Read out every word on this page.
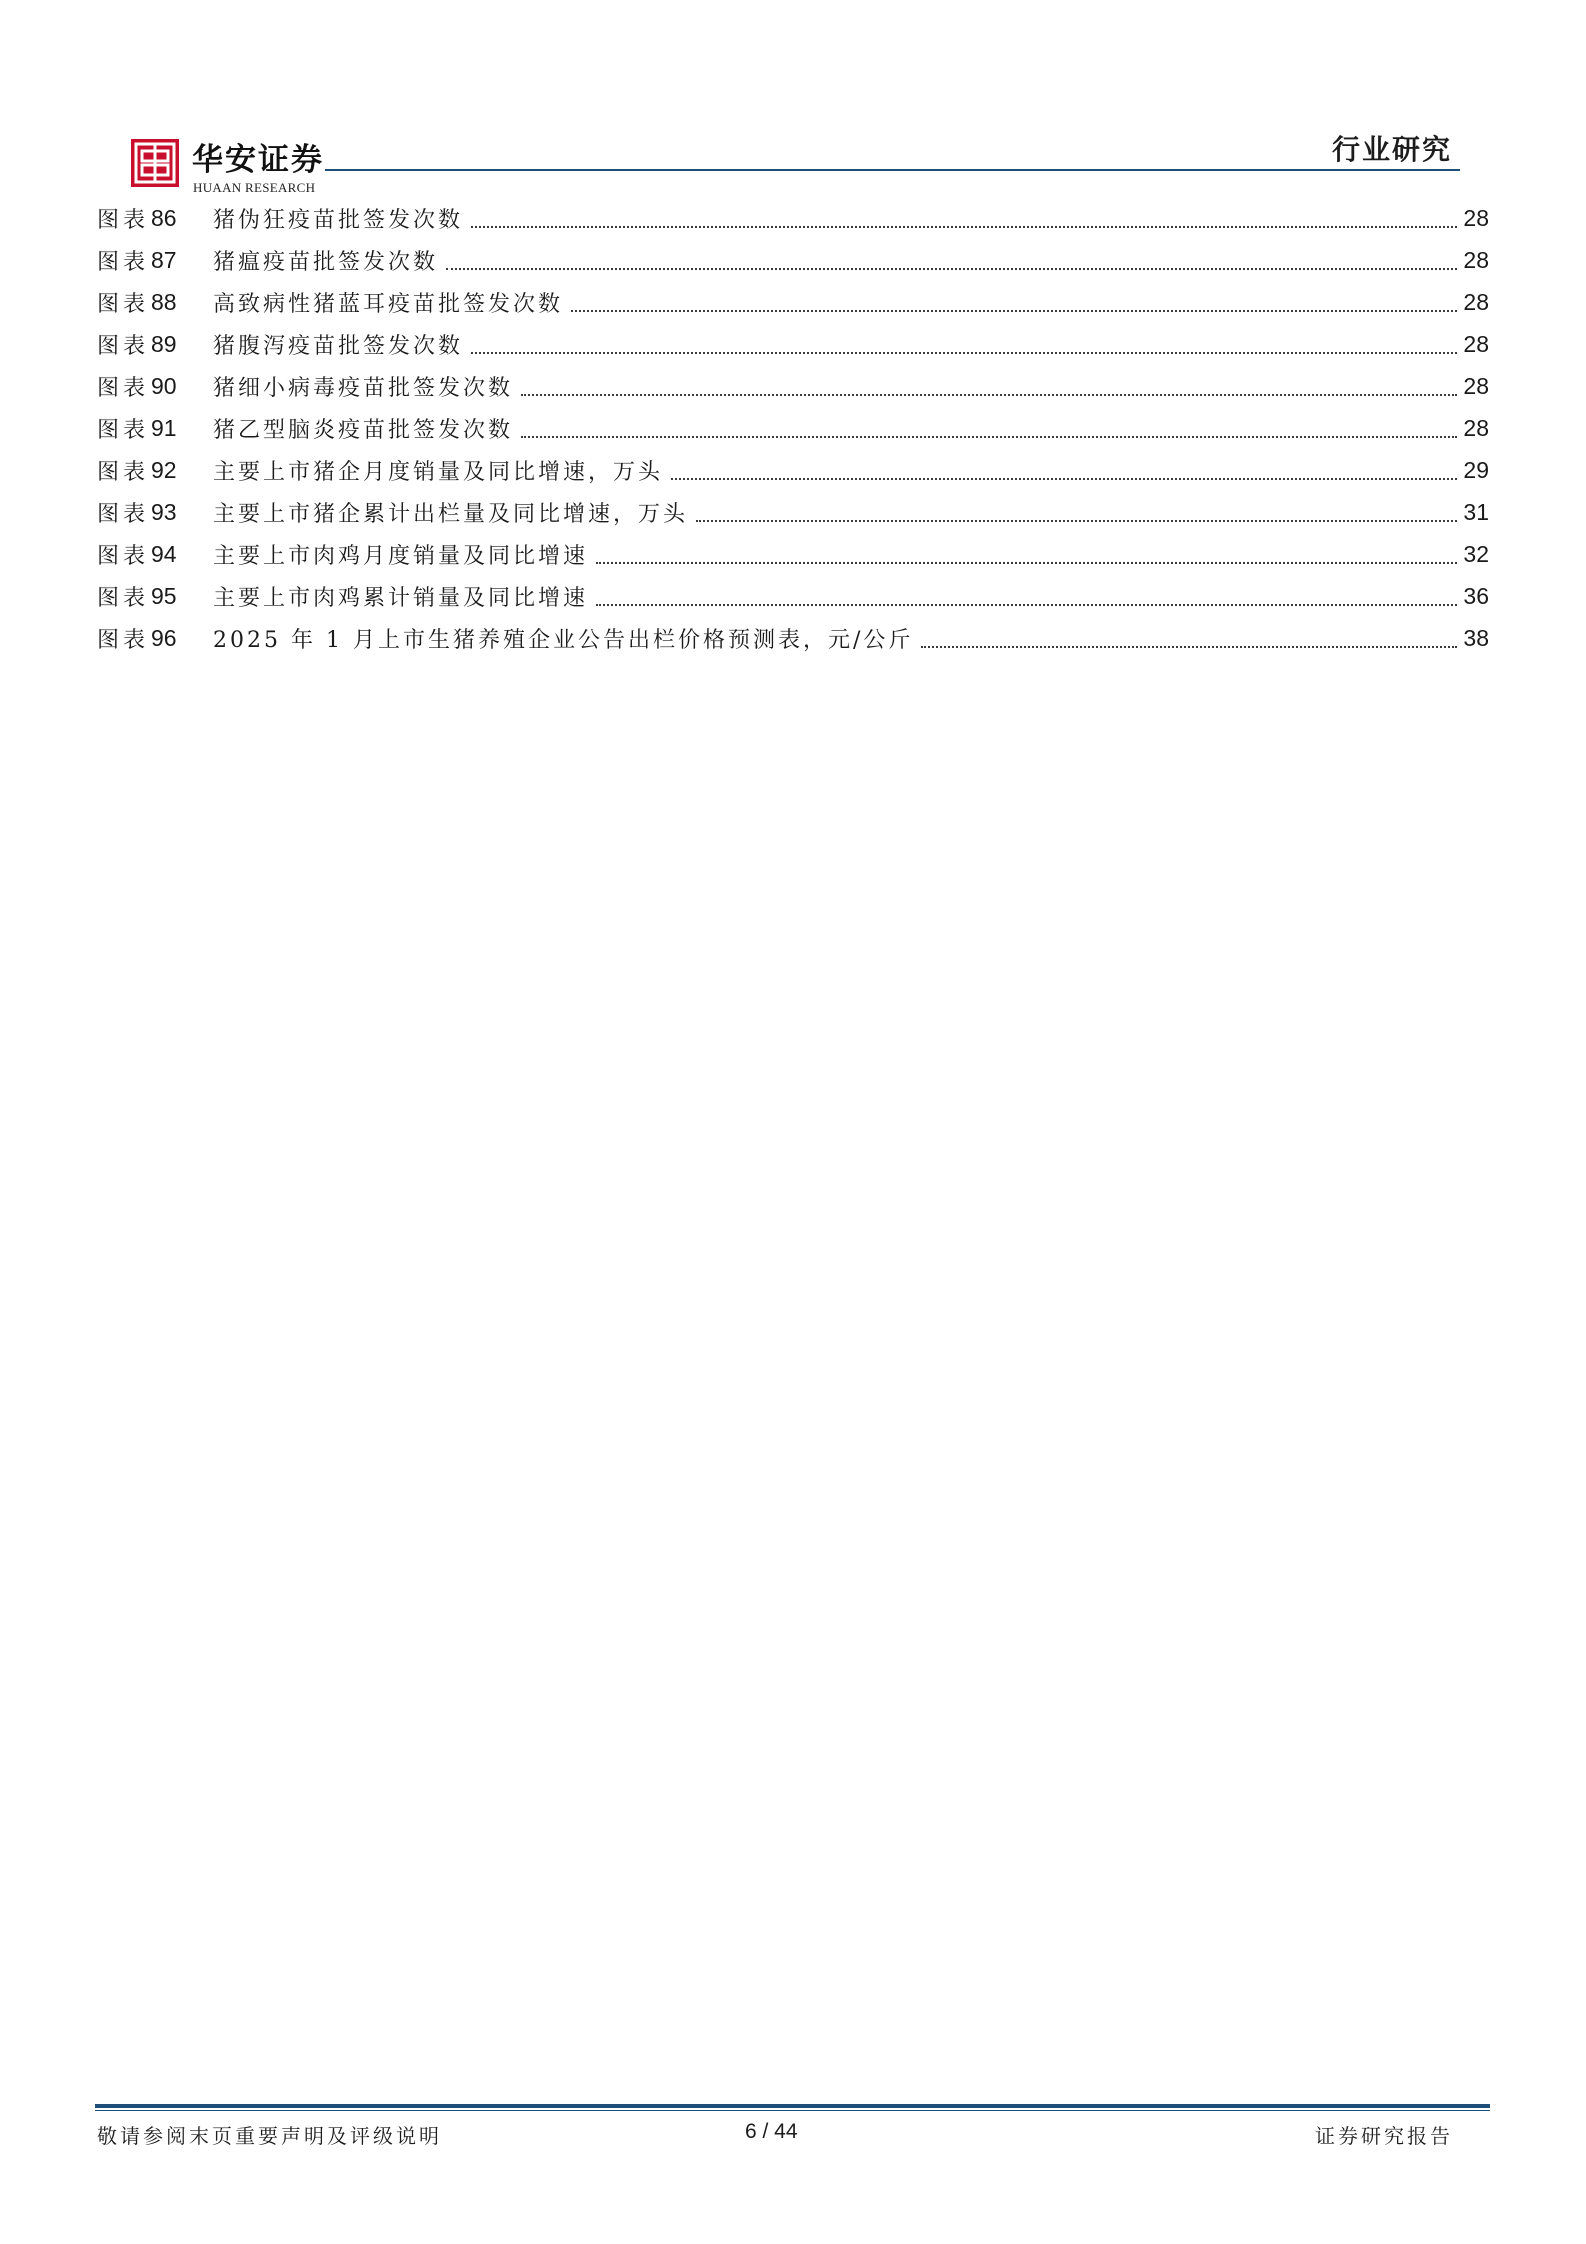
华安证券
HUAAN RESEARCH
行业研究
图表 86	猪伪狂疫苗批签发次数	28
图表 87	猪瘟疫苗批签发次数	28
图表 88	高致病性猪蓝耳疫苗批签发次数	28
图表 89	猪腹泻疫苗批签发次数	28
图表 90	猪细小病毒疫苗批签发次数	28
图表 91	猪乙型脑炎疫苗批签发次数	28
图表 92	主要上市猪企月度销量及同比增速，万头	29
图表 93	主要上市猪企累计出栏量及同比增速，万头	31
图表 94	主要上市肉鸡月度销量及同比增速	32
图表 95	主要上市肉鸡累计销量及同比增速	36
图表 96	2025 年 1 月上市生猪养殖企业公告出栏价格预测表，元/公斤	38
敬请参阅末页重要声明及评级说明	6 / 44	证券研究报告
